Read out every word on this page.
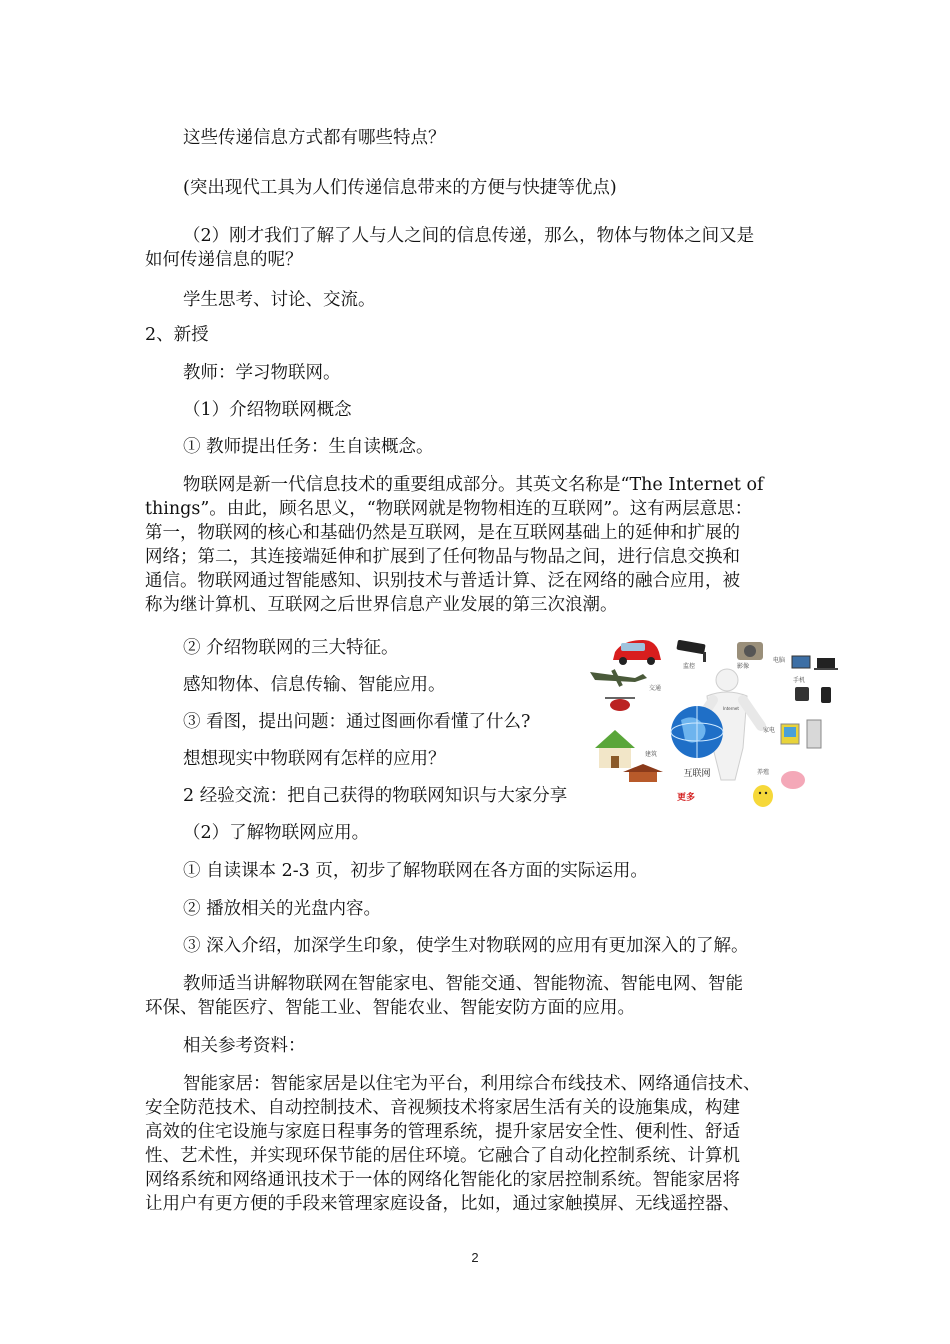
这些传递信息方式都有哪些特点？

(突出现代工具为人们传递信息带来的方便与快捷等优点)

（2）刚才我们了解了人与人之间的信息传递，那么，物体与物体之间又是

如何传递信息的呢？

学生思考、讨论、交流。

2、新授

教师：学习物联网。

（1）介绍物联网概念

① 教师提出任务：生自读概念。

物联网是新一代信息技术的重要组成部分。其英文名称是“The Internet of
things”。由此，顾名思义，“物联网就是物物相连的互联网”。这有两层意思：
第一，物联网的核心和基础仍然是互联网，是在互联网基础上的延伸和扩展的
网络；第二，其连接端延伸和扩展到了任何物品与物品之间，进行信息交换和
通信。物联网通过智能感知、识别技术与普适计算、泛在网络的融合应用，被
称为继计算机、互联网之后世界信息产业发展的第三次浪潮。

② 介绍物联网的三大特征。

感知物体、信息传输、智能应用。

③ 看图，提出问题：通过图画你看懂了什么?

想想现实中物联网有怎样的应用？

2 经验交流：把自己获得的物联网知识与大家分享

（2）了解物联网应用。

① 自读课本 2-3 页，初步了解物联网在各方面的实际运用。

② 播放相关的光盘内容。

③ 深入介绍，加深学生印象，使学生对物联网的应用有更加深入的了解。

教师适当讲解物联网在智能家电、智能交通、智能物流、智能电网、智能
环保、智能医疗、智能工业、智能农业、智能安防方面的应用。

相关参考资料：

智能家居：智能家居是以住宅为平台，利用综合布线技术、网络通信技术、
安全防范技术、自动控制技术、音视频技术将家居生活有关的设施集成，构建
高效的住宅设施与家庭日程事务的管理系统，提升家居安全性、便利性、舒适
性、艺术性，并实现环保节能的居住环境。它融合了自动化控制系统、计算机
网络系统和网络通讯技术于一体的网络化智能化的家居控制系统。智能家居将
让用户有更方便的手段来管理家庭设备，比如，通过家触摸屏、无线遥控器、
监控	影像
电脑
手机
交通
Internet
互联网
家电
建筑
养殖
更多
2
